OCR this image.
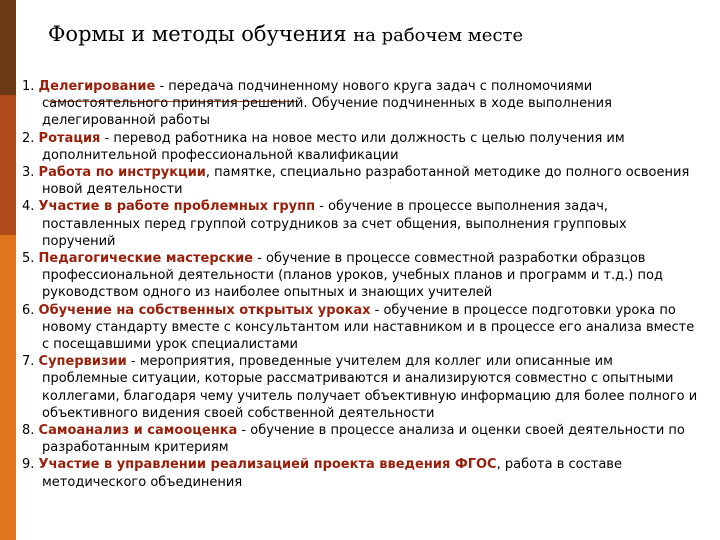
Формы и методы обучения на рабочем месте

1. Делегирование - передача подчиненному нового круга задач с полномочиями самостоятельного принятия решений. Обучение подчиненных в ходе выполнения делегированной работы

2. Ротация - перевод работника на новое место или должность с целью получения им дополнительной профессиональной квалификации

3. Работа по инструкции, памятке, специально разработанной методике до полного освоения новой деятельности

4. Участие в работе проблемных групп - обучение в процессе выполнения задач, поставленных перед группой сотрудников за счет общения, выполнения групповых поручений

5. Педагогические мастерские - обучение в процессе совместной разработки образцов профессиональной деятельности (планов уроков, учебных планов и программ и т.д.) под руководством одного из наиболее опытных и знающих учителей

6. Обучение на собственных открытых уроках - обучение в процессе подготовки урока по новому стандарту вместе с консультантом или наставником и в процессе его анализа вместе с посещавшими урок специалистами

7. Супервизии - мероприятия, проведенные учителем для коллег или описанные им проблемные ситуации, которые рассматриваются и анализируются совместно с опытными коллегами, благодаря чему учитель получает объективную информацию для более полного и объективного видения своей собственной деятельности

8. Самоанализ и самооценка - обучение в процессе анализа и оценки своей деятельности по разработанным критериям

9. Участие в управлении реализацией проекта введения ФГОС, работа в составе методического объединения
